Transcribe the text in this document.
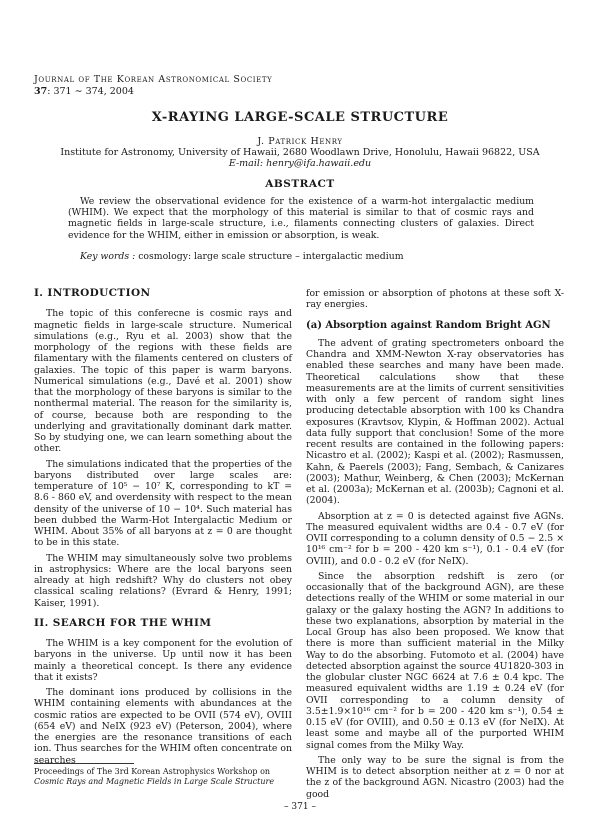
Journal of The Korean Astronomical Society
37: 371 ∼ 374, 2004
X-RAYING LARGE-SCALE STRUCTURE
J. Patrick Henry
Institute for Astronomy, University of Hawaii, 2680 Woodlawn Drive, Honolulu, Hawaii 96822, USA
E-mail: henry@ifa.hawaii.edu
ABSTRACT
We review the observational evidence for the existence of a warm-hot intergalactic medium (WHIM). We expect that the morphology of this material is similar to that of cosmic rays and magnetic fields in large-scale structure, i.e., filaments connecting clusters of galaxies. Direct evidence for the WHIM, either in emission or absorption, is weak.
Key words : cosmology: large scale structure – intergalactic medium
I. INTRODUCTION

The topic of this conferecne is cosmic rays and magnetic fields in large-scale structure. Numerical simulations (e.g., Ryu et al. 2003) show that the morphology of the regions with these fields are filamentary with the filaments centered on clusters of galaxies. The topic of this paper is warm baryons. Numerical simulations (e.g., Davé et al. 2001) show that the morphology of these baryons is similar to the nonthermal material. The reason for the similarity is, of course, because both are responding to the underlying and gravitationally dominant dark matter. So by studying one, we can learn something about the other.

The simulations indicated that the properties of the baryons distributed over large scales are: temperature of 10⁵ − 10⁷ K, corresponding to kT = 8.6 - 860 eV, and overdensity with respect to the mean density of the universe of 10 − 10⁴. Such material has been dubbed the Warm-Hot Intergalactic Medium or WHIM. About 35% of all baryons at z = 0 are thought to be in this state.

The WHIM may simultaneously solve two problems in astrophysics: Where are the local baryons seen already at high redshift? Why do clusters not obey classical scaling relations? (Evrard & Henry, 1991; Kaiser, 1991).

II. SEARCH FOR THE WHIM

The WHIM is a key component for the evolution of baryons in the universe. Up until now it has been mainly a theoretical concept. Is there any evidence that it exists?

The dominant ions produced by collisions in the WHIM containing elements with abundances at the cosmic ratios are expected to be OVII (574 eV), OVIII (654 eV) and NeIX (923 eV) (Peterson, 2004), where the energies are the resonance transitions of each ion. Thus searches for the WHIM often concentrate on searches

for emission or absorption of photons at these soft X-ray energies.

(a) Absorption against Random Bright AGN

The advent of grating spectrometers onboard the Chandra and XMM-Newton X-ray observatories has enabled these searches and many have been made. Theoretical calculations show that these measurements are at the limits of current sensitivities with only a few percent of random sight lines producing detectable absorption with 100 ks Chandra exposures (Kravtsov, Klypin, & Hoffman 2002). Actual data fully support that conclusion! Some of the more recent results are contained in the following papers: Nicastro et al. (2002); Kaspi et al. (2002); Rasmussen, Kahn, & Paerels (2003); Fang, Sembach, & Canizares (2003); Mathur, Weinberg, & Chen (2003); McKernan et al. (2003a); McKernan et al. (2003b); Cagnoni et al. (2004).

Absorption at z = 0 is detected against five AGNs. The measured equivalent widths are 0.4 - 0.7 eV (for OVII corresponding to a column density of 0.5 − 2.5 × 10¹⁶ cm⁻² for b = 200 - 420 km s⁻¹), 0.1 - 0.4 eV (for OVIII), and 0.0 - 0.2 eV (for NeIX).

Since the absorption redshift is zero (or occasionally that of the background AGN), are these detections really of the WHIM or some material in our galaxy or the galaxy hosting the AGN? In additions to these two explanations, absorption by material in the Local Group has also been proposed. We know that there is more than sufficient material in the Milky Way to do the absorbing. Futomoto et al. (2004) have detected absorption against the source 4U1820-303 in the globular cluster NGC 6624 at 7.6 ± 0.4 kpc. The measured equivalent widths are 1.19 ± 0.24 eV (for OVII corresponding to a column density of 3.5±1.9×10¹⁶ cm⁻² for b = 200 - 420 km s⁻¹), 0.54 ± 0.15 eV (for OVIII), and 0.50 ± 0.13 eV (for NeIX). At least some and maybe all of the purported WHIM signal comes from the Milky Way.

The only way to be sure the signal is from the WHIM is to detect absorption neither at z = 0 nor at the z of the background AGN. Nicastro (2003) had the good

Proceedings of The 3rd Korean Astrophysics Workshop on
Cosmic Rays and Magnetic Fields in Large Scale Structure
– 371 –
